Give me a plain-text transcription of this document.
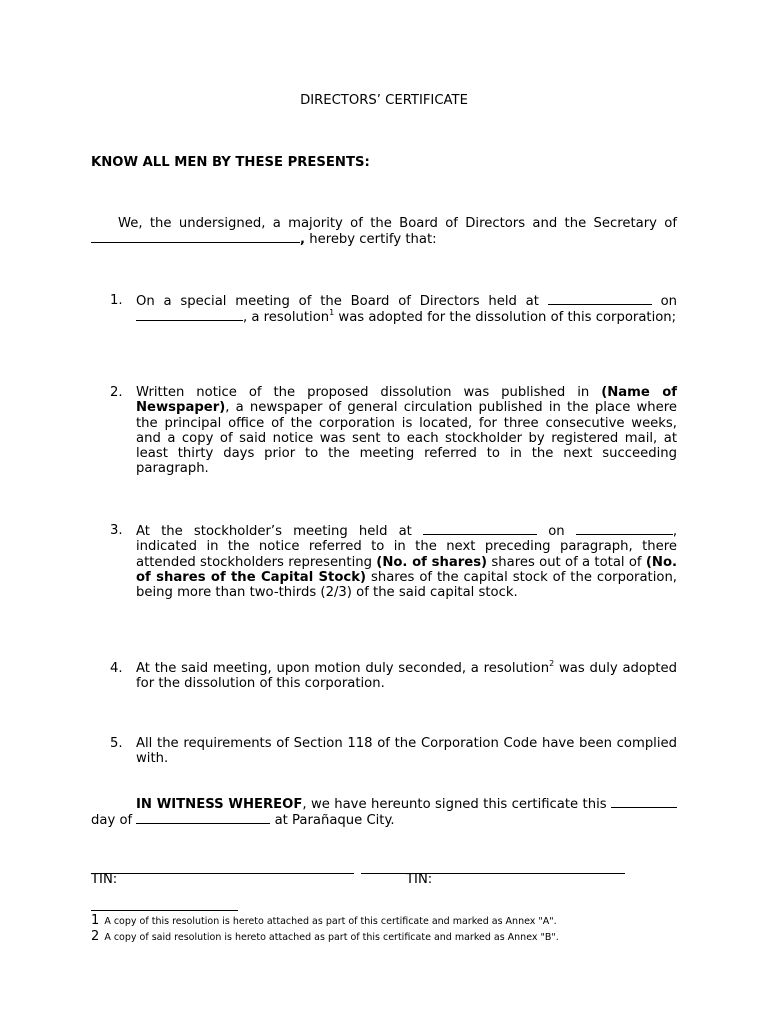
DIRECTORS’ CERTIFICATE
KNOW ALL MEN BY THESE PRESENTS:
We, the undersigned, a majority of the Board of Directors and the Secretary of , hereby certify that:
1.	On a special meeting of the Board of Directors held at	on , a resolution$^1$ was adopted for the dissolution of this corporation;
2.	Written notice of the proposed dissolution was published in (Name of Newspaper), a newspaper of general circulation published in the place where the principal office of the corporation is located, for three consecutive weeks, and a copy of said notice was sent to each stockholder by registered mail, at least thirty days prior to the meeting referred to in the next succeeding paragraph.
3.	At the stockholder’s meeting held at	on	, indicated in the notice referred to in the next preceding paragraph, there attended stockholders representing (No. of shares) shares out of a total of (No. of shares of the Capital Stock) shares of the capital stock of the corporation, being more than two-thirds (2/3) of the said capital stock.
4.	At the said meeting, upon motion duly seconded, a resolution$^2$ was duly adopted for the dissolution of this corporation.
5.	All the requirements of Section 118 of the Corporation Code have been complied with.
IN WITNESS WHEREOF, we have hereunto signed this certificate this  day of	at Parañaque City.
TIN:	TIN:
1 A copy of this resolution is hereto attached as part of this certificate and marked as Annex "A".
2 A copy of said resolution is hereto attached as part of this certificate and marked as Annex "B".
